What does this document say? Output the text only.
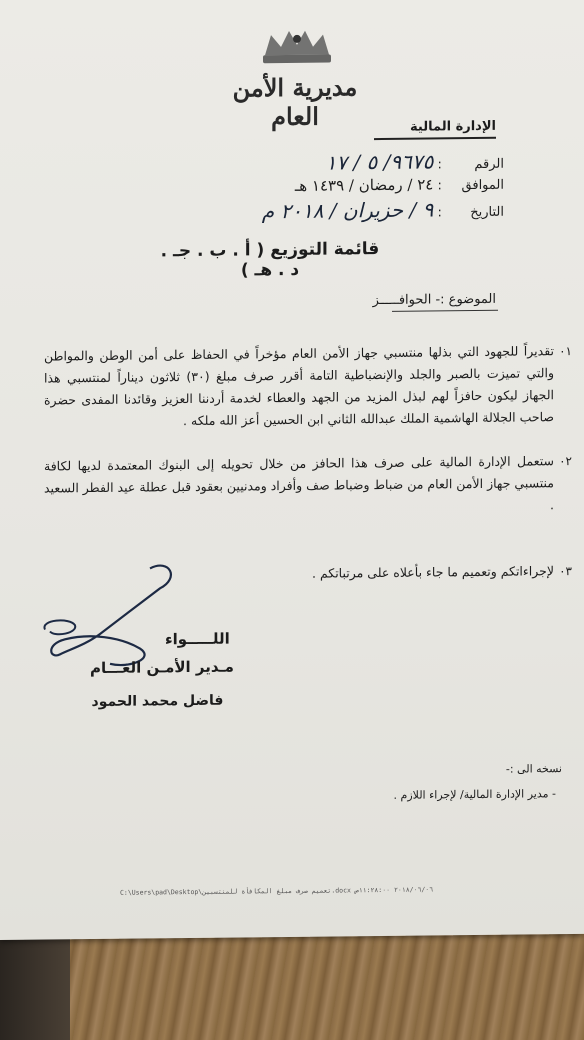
مديرية الأمن العام	الإدارة المالية
الرقم : ٩٦٧٥/ ٥ / ١٧
الموافق : ٢٤ / رمضان / ١٤٣٩ هـ
التاريخ : ٩ / حزيران / ٢٠١٨ م
قائمة التوزيع ( أ . ب . جـ . د . هـ )
الموضوع :- الحوافـــــز
٠١
تقديراً للجهود التي بذلها منتسبي جهاز الأمن العام مؤخراً في الحفاظ على أمن الوطن والمواطن والتي تميزت بالصبر والجلد والإنضباطية التامة أقرر صرف مبلغ (٣٠) ثلاثون ديناراً لمنتسبي هذا الجهاز ليكون حافزاً لهم لبذل المزيد من الجهد والعطاء لخدمة أردننا العزيز وقائدنا المفدى حضرة صاحب الجلالة الهاشمية الملك عبدالله الثاني ابن الحسين أعز الله ملكه .
٠٢
ستعمل الإدارة المالية على صرف هذا الحافز من خلال تحويله إلى البنوك المعتمدة لديها لكافة منتسبي جهاز الأمن العام من ضباط وضباط صف وأفراد ومدنيين بعقود قبل عطلة عيد الفطر السعيد .
٠٣
لإجراءاتكم وتعميم ما جاء بأعلاه على مرتباتكم .
اللـــــواء
مـدير الأمـن العـــام
فاضل محمد الحمود
نسخه الى :-
- مدير الإدارة المالية/ لإجراء اللازم .
C:\Users\pad\Desktop\تعميم صرف مبلغ المكافأة للمنتسبين.docx ٢٠١٨/٠٦/٠٦ ١١:٢٨:٠٠ص
